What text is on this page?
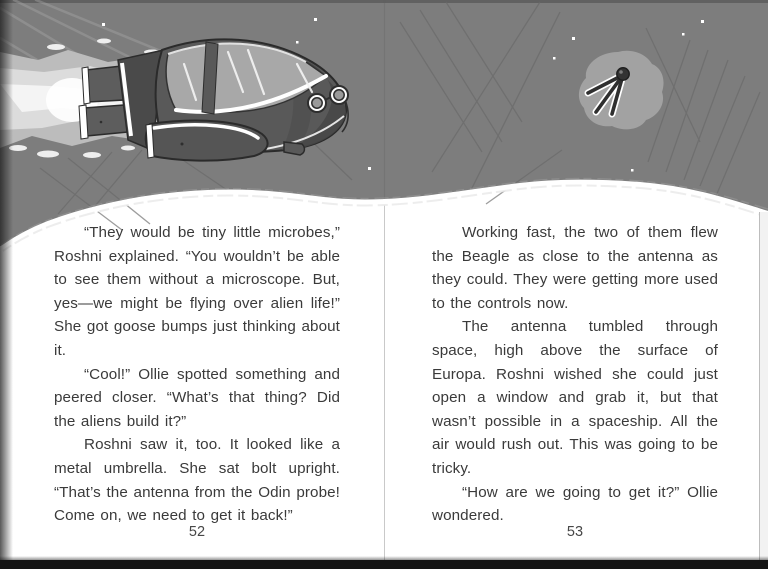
“They would be tiny little microbes,” Roshni explained. “You wouldn’t be able to see them without a microscope. But, yes—we might be flying over alien life!” She got goose bumps just thinking about it.

“Cool!” Ollie spotted something and peered closer. “What’s that thing? Did the aliens build it?”

Roshni saw it, too. It looked like a metal umbrella. She sat bolt upright. “That’s the antenna from the Odin probe! Come on, we need to get it back!”

Working fast, the two of them flew the Beagle as close to the antenna as they could. They were getting more used to the controls now.

The antenna tumbled through space, high above the surface of Europa. Roshni wished she could just open a window and grab it, but that wasn’t possible in a spaceship. All the air would rush out. This was going to be tricky.

“How are we going to get it?” Ollie wondered.

52	53
